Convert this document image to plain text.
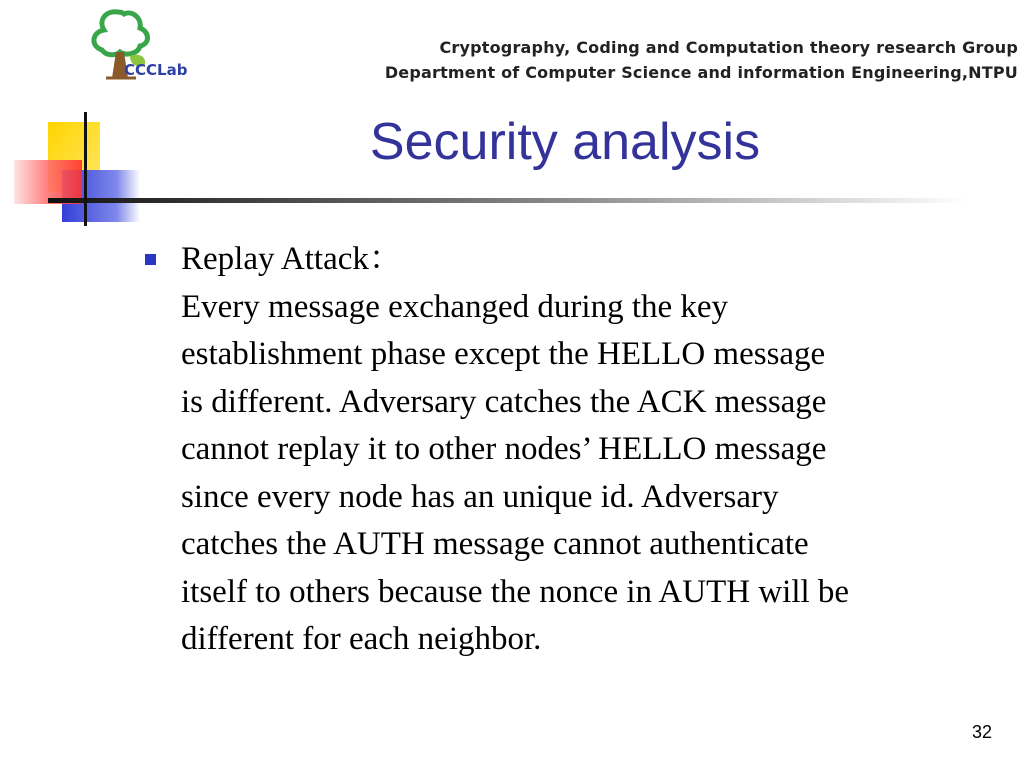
CCCLab
Cryptography, Coding and Computation theory research Group
Department of Computer Science and information Engineering,NTPU
Security analysis
Replay Attack：
Every message exchanged during the key
establishment phase except the HELLO message
is different. Adversary catches the ACK message
cannot replay it to other nodes’ HELLO message
since every node has an unique id. Adversary
catches the AUTH message cannot authenticate
itself to others because the nonce in AUTH will be
different for each neighbor.
32
